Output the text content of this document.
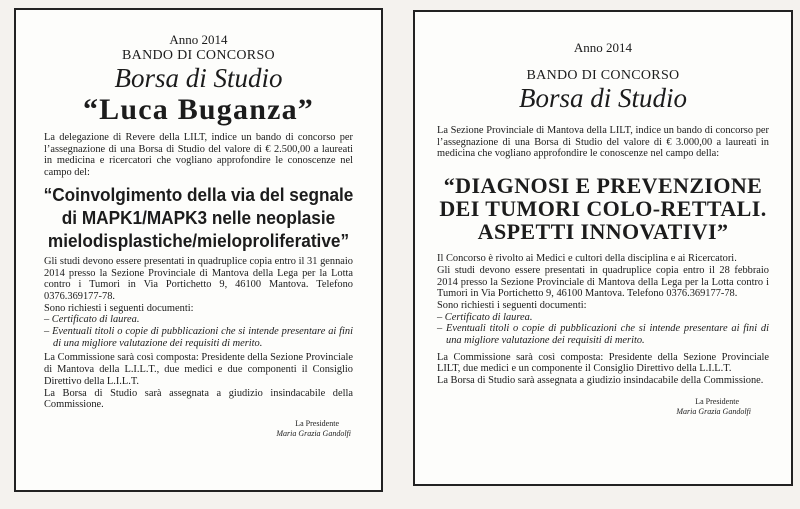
Anno 2014
BANDO DI CONCORSO
Borsa di Studio
“Luca Buganza”

La delegazione di Revere della LILT, indice un bando di concorso per l’assegnazione di una Borsa di Studio del valore di € 2.500,00 a laureati in medicina e ricercatori che vogliano approfondire le conoscenze nel campo del:

“Coinvolgimento della via del segnale
di MAPK1/MAPK3 nelle neoplasie
mielodisplastiche/mieloproliferative”

Gli studi devono essere presentati in quadruplice copia entro il 31 gennaio 2014 presso la Sezione Provinciale di Mantova della Lega per la Lotta contro i Tumori in Via Portichetto 9, 46100 Mantova. Telefono 0376.369177-78.

Sono richiesti i seguenti documenti:

– Certificato di laurea.

– Eventuali titoli o copie di pubblicazioni che si intende presentare ai fini di una migliore valutazione dei requisiti di merito.

La Commissione sarà così composta: Presidente della Sezione Provinciale di Mantova della L.I.L.T., due medici e due componenti il Consiglio Direttivo della L.I.L.T.

La Borsa di Studio sarà assegnata a giudizio insindacabile della Commissione.

La Presidente
Maria Grazia Gandolfi
Anno 2014
BANDO DI CONCORSO
Borsa di Studio

La Sezione Provinciale di Mantova della LILT, indice un bando di concorso per l’assegnazione di una Borsa di Studio del valore di € 3.000,00 a laureati in medicina che vogliano approfondire le conoscenze nel campo della:

“DIAGNOSI E PREVENZIONE
DEI TUMORI COLO-RETTALI.
ASPETTI INNOVATIVI”

Il Concorso è rivolto ai Medici e cultori della disciplina e ai Ricercatori.

Gli studi devono essere presentati in quadruplice copia entro il 28 febbraio 2014 presso la Sezione Provinciale di Mantova della Lega per la Lotta contro i Tumori in Via Portichetto 9, 46100 Mantova. Telefono 0376.369177-78.

Sono richiesti i seguenti documenti:

– Certificato di laurea.

– Eventuali titoli o copie di pubblicazioni che si intende presentare ai fini di una migliore valutazione dei requisiti di merito.

La Commissione sarà così composta: Presidente della Sezione Provinciale LILT, due medici e un componente il Consiglio Direttivo della L.I.L.T.

La Borsa di Studio sarà assegnata a giudizio insindacabile della Commissione.

La Presidente
Maria Grazia Gandolfi
